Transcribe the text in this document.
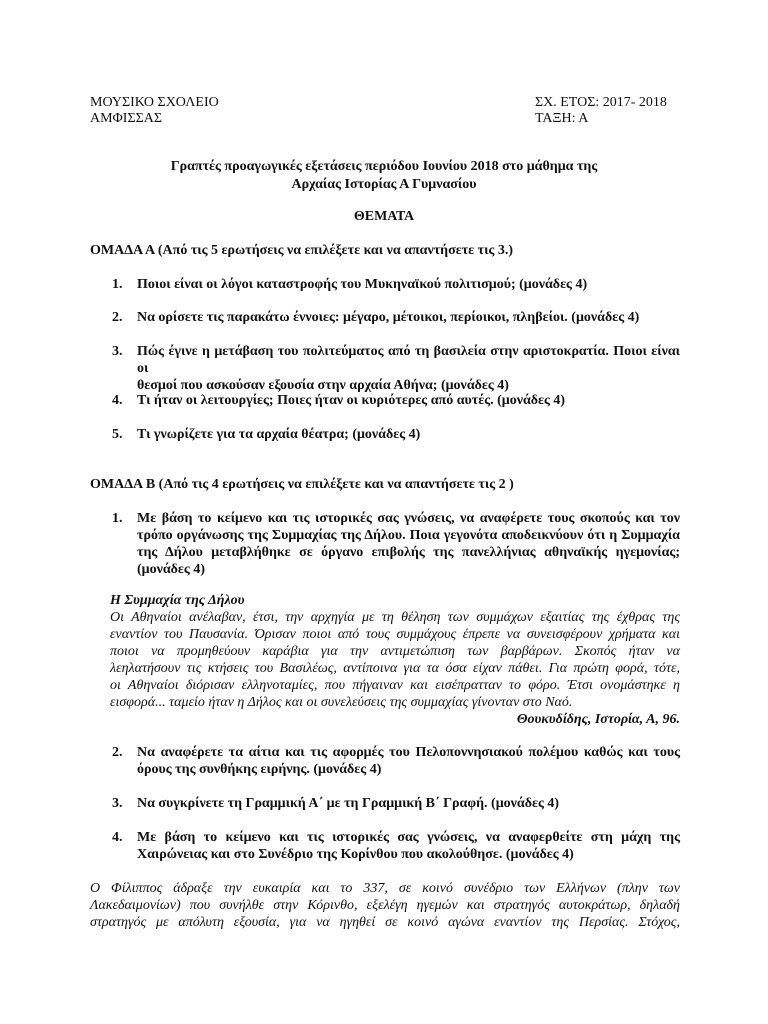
ΜΟΥΣΙΚΟ ΣΧΟΛΕΙΟ
ΑΜΦΙΣΣΑΣ
ΣΧ. ΕΤΟΣ: 2017- 2018
ΤΑΞΗ: Α
Γραπτές προαγωγικές εξετάσεις περιόδου Ιουνίου 2018 στο μάθημα της
Αρχαίας Ιστορίας Α Γυμνασίου
ΘΕΜΑΤΑ
ΟΜΑΔΑ Α (Από τις 5 ερωτήσεις να επιλέξετε και να απαντήσετε τις 3.)
1. Ποιοι είναι οι λόγοι καταστροφής του Μυκηναϊκού πολιτισμού; (μονάδες 4)
2. Να ορίσετε τις παρακάτω έννοιες: μέγαρο, μέτοικοι, περίοικοι, πληβείοι. (μονάδες 4)
3. Πώς έγινε η μετάβαση του πολιτεύματος από τη βασιλεία στην αριστοκρατία. Ποιοι είναι οι
θεσμοί που ασκούσαν εξουσία στην αρχαία Αθήνα; (μονάδες 4)
4. Τι ήταν οι λειτουργίες; Ποιες ήταν οι κυριότερες από αυτές. (μονάδες 4)
5. Τι γνωρίζετε για τα αρχαία θέατρα; (μονάδες 4)
ΟΜΑΔΑ Β (Από τις 4 ερωτήσεις να επιλέξετε και να απαντήσετε τις 2 )
1. Με βάση το κείμενο και τις ιστορικές σας γνώσεις, να αναφέρετε τους σκοπούς και τον
τρόπο οργάνωσης της Συμμαχίας της Δήλου. Ποια γεγονότα αποδεικνύουν ότι η Συμμαχία
της Δήλου μεταβλήθηκε σε όργανο επιβολής της πανελλήνιας αθηναϊκής ηγεμονίας;
(μονάδες 4)
Η Συμμαχία της Δήλου
Οι Αθηναίοι ανέλαβαν, έτσι, την αρχηγία με τη θέληση των συμμάχων εξαιτίας της έχθρας της
εναντίον του Παυσανία. Όρισαν ποιοι από τους συμμάχους έπρεπε να συνεισφέρουν χρήματα και
ποιοι να προμηθεύουν καράβια για την αντιμετώπιση των βαρβάρων. Σκοπός ήταν να
λεηλατήσουν τις κτήσεις του Βασιλέως, αντίποινα για τα όσα είχαν πάθει. Για πρώτη φορά, τότε,
οι Αθηναίοι διόρισαν ελληνοταμίες, που πήγαιναν και εισέπρατταν το φόρο. Έτσι ονομάστηκε η
εισφορά... ταμείο ήταν η Δήλος και οι συνελεύσεις της συμμαχίας γίνονταν στο Ναό.
Θουκυδίδης, Ιστορία, Α, 96.
2. Να αναφέρετε τα αίτια και τις αφορμές του Πελοποννησιακού πολέμου καθώς και τους
όρους της συνθήκης ειρήνης. (μονάδες 4)
3. Να συγκρίνετε τη Γραμμική Α΄ με τη Γραμμική Β΄ Γραφή. (μονάδες 4)
4. Με βάση το κείμενο και τις ιστορικές σας γνώσεις, να αναφερθείτε στη μάχη της
Χαιρώνειας και στο Συνέδριο της Κορίνθου που ακολούθησε. (μονάδες 4)
Ο Φίλιππος άδραξε την ευκαιρία και το 337, σε κοινό συνέδριο των Ελλήνων (πλην των
Λακεδαιμονίων) που συνήλθε στην Κόρινθο, εξελέγη ηγεμών και στρατηγός αυτοκράτωρ, δηλαδή
στρατηγός με απόλυτη εξουσία, για να ηγηθεί σε κοινό αγώνα εναντίον της Περσίας. Στόχος,
